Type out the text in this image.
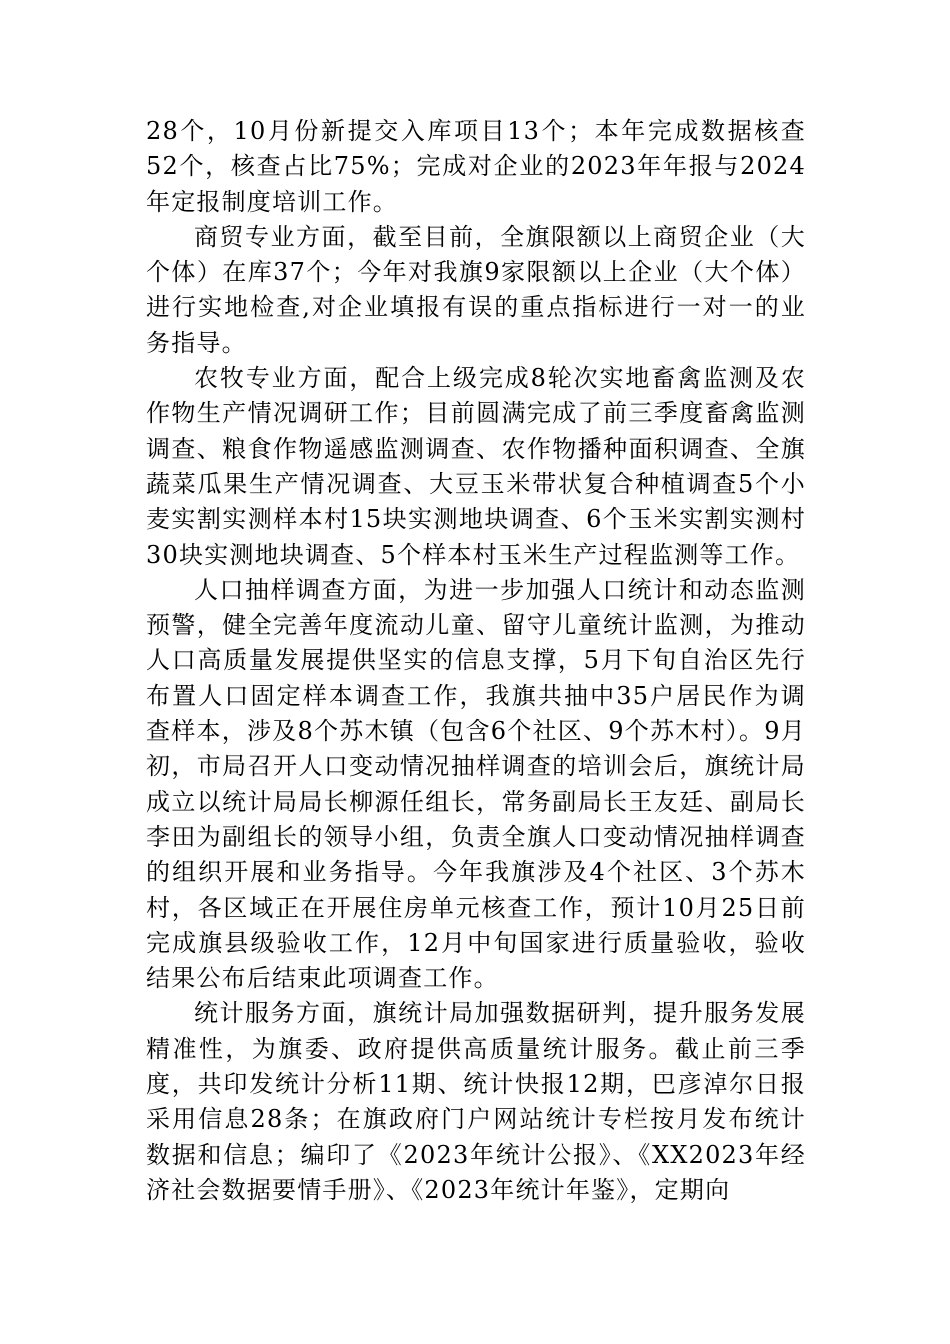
28个，10月份新提交入库项目13个；本年完成数据核查52个，核查占比75%；完成对企业的2023年年报与2024年定报制度培训工作。

商贸专业方面，截至目前，全旗限额以上商贸企业（大个体）在库37个；今年对我旗9家限额以上企业（大个体）进行实地检查,对企业填报有误的重点指标进行一对一的业务指导。

农牧专业方面，配合上级完成8轮次实地畜禽监测及农作物生产情况调研工作；目前圆满完成了前三季度畜禽监测调查、粮食作物遥感监测调查、农作物播种面积调查、全旗蔬菜瓜果生产情况调查、大豆玉米带状复合种植调查5个小麦实割实测样本村15块实测地块调查、6个玉米实割实测村30块实测地块调查、5个样本村玉米生产过程监测等工作。

人口抽样调查方面，为进一步加强人口统计和动态监测预警，健全完善年度流动儿童、留守儿童统计监测，为推动人口高质量发展提供坚实的信息支撑，5月下旬自治区先行布置人口固定样本调查工作，我旗共抽中35户居民作为调查样本，涉及8个苏木镇（包含6个社区、9个苏木村）。9月初，市局召开人口变动情况抽样调查的培训会后，旗统计局成立以统计局局长柳源任组长，常务副局长王友廷、副局长李田为副组长的领导小组，负责全旗人口变动情况抽样调查的组织开展和业务指导。今年我旗涉及4个社区、3个苏木村，各区域正在开展住房单元核查工作，预计10月25日前完成旗县级验收工作，12月中旬国家进行质量验收，验收结果公布后结束此项调查工作。

统计服务方面，旗统计局加强数据研判，提升服务发展精准性，为旗委、政府提供高质量统计服务。截止前三季度，共印发统计分析11期、统计快报12期，巴彦淖尔日报采用信息28条；在旗政府门户网站统计专栏按月发布统计数据和信息；编印了《2023年统计公报》、《XX2023年经济社会数据要情手册》、《2023年统计年鉴》，定期向
